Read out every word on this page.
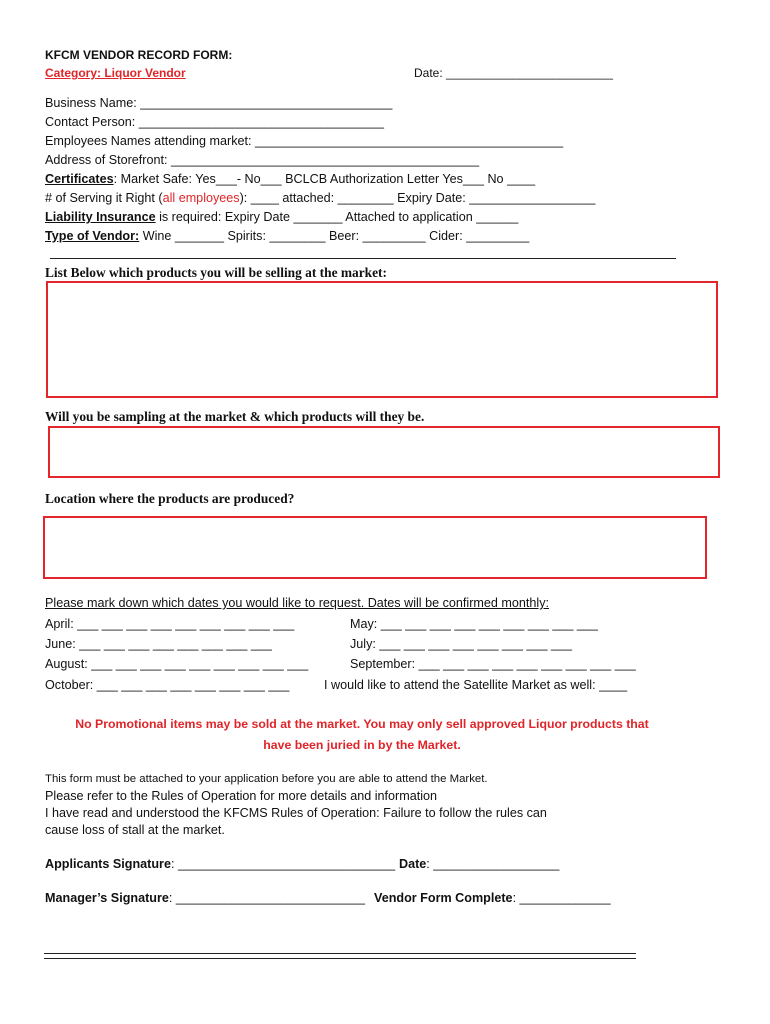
KFCM VENDOR RECORD FORM:
Category: Liquor Vendor	Date: _________________________
Business Name: ____________________________________
Contact Person: ___________________________________
Employees Names attending market: ____________________________________________
Address of Storefront: ____________________________________________
Certificates: Market Safe: Yes___- No___ BCLCB Authorization Letter Yes___ No ____
# of Serving it Right (all employees): ____ attached: ________ Expiry Date: __________________
Liability Insurance is required: Expiry Date _______ Attached to application ______
Type of Vendor: Wine _______ Spirits: ________ Beer: _________ Cider: _________
List Below which products you will be selling at the market:
Will you be sampling at the market & which products will they be.
Location where the products are produced?
Please mark down which dates you would like to request. Dates will be confirmed monthly:
April: ___ ___ ___ ___ ___ ___ ___ ___ ___	May: ___ ___ ___ ___ ___ ___ ___ ___ ___
June: ___ ___ ___ ___ ___ ___ ___ ___	July: ___ ___ ___ ___ ___ ___ ___ ___
August: ___ ___ ___ ___ ___ ___ ___ ___ ___	September: ___ ___ ___ ___ ___ ___ ___ ___ ___
October: ___ ___ ___ ___ ___ ___ ___ ___	I would like to attend the Satellite Market as well: ____
No Promotional items may be sold at the market. You may only sell approved Liquor products that
have been juried in by the Market.
This form must be attached to your application before you are able to attend the Market.
Please refer to the Rules of Operation for more details and information
I have read and understood the KFCMS Rules of Operation: Failure to follow the rules can
cause loss of stall at the market.
Applicants Signature: _______________________________ Date: __________________
Manager’s Signature: ___________________________ Vendor Form Complete: _____________
